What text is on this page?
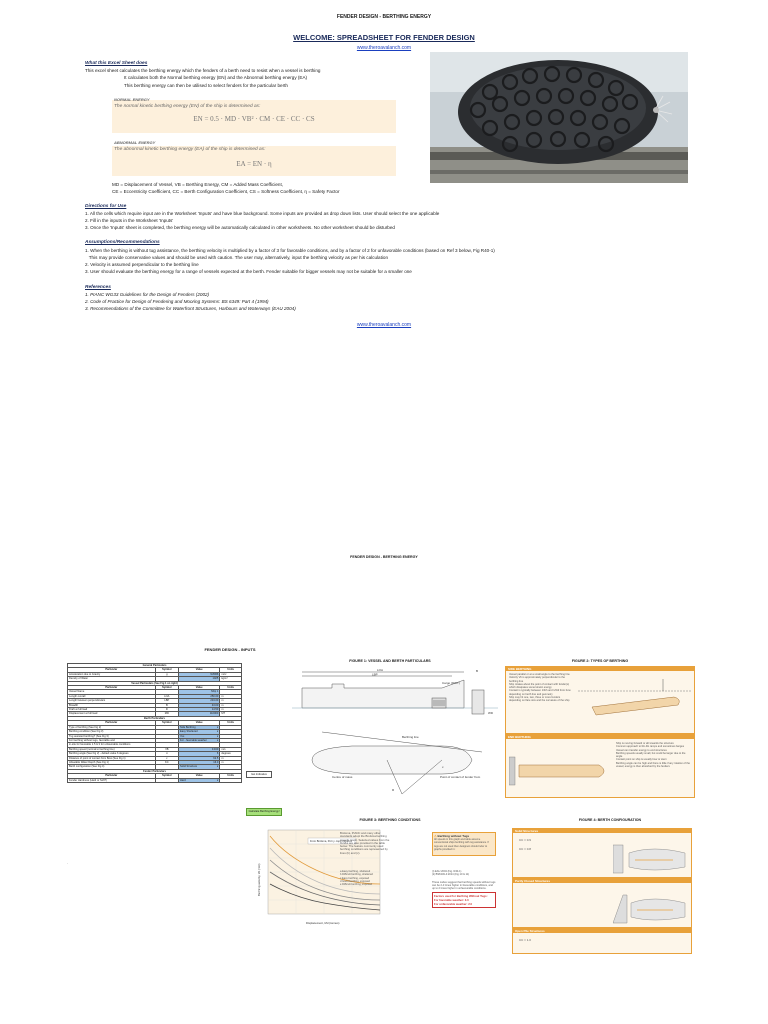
FENDER DESIGN - BERTHING ENERGY
WELCOME: SPREADSHEET FOR FENDER DESIGN
www.theroavalanch.com
What this Excel Sheet does
This excel sheet calculates the berthing energy which the fenders of a berth need to resist when a vessel is berthing
It calculates both the Normal berthing energy (EN) and the Abnormal berthing energy (EA)
This berthing energy can then be utilised to select fenders for the particular berth
NORMAL ENERGY
The normal kinetic berthing energy (EN) of the ship is determined as:
EN = 0.5 · MD · VB² · CM · CE · CC · CS
ABNORMAL ENERGY
The abnormal kinetic berthing energy (EA) of the ship is determined as:
EA = EN · η
MD = Displacement of Vessel, VB = Berthing Energy, CM = Added Mass Coefficient,
CE = Eccentricity Coefficient, CC = Berth Configuration Coefficient, CS = Softness Coefficient, η = Safety Factor
Directions for Use
1. All the cells which require input are in the Worksheet 'Inputs' and have blue background. Some inputs are provided as drop down lists. User should select the one applicable
2. Fill in the inputs in the Worksheet 'Inputs'
3. Once the 'Inputs' sheet is completed, the berthing energy will be automatically calculated in other worksheets. No other worksheet should be disturbed
Assumptions/Recommendations
1. When the berthing is without tug assistance, the berthing velocity is multiplied by a factor of 3 for favorable conditions, and by a factor of 2 for unfavorable conditions (based on Ref 3 below, Fig R40-1)
This may provide conservative values and should be used with caution. The user may, alternatively, input the berthing velocity as per his calculation
2. Velocity is assumed perpendicular to the berthing line
3. User should evaluate the berthing energy for a range of vessels expected at the berth. Fender suitable for bigger vessels may not be suitable for a smaller one
References
1. PIANC WG33 Guidelines for the Design of Fenders (2002)
2. Code of Practice for Design of Fendering and Mooring Systems: BS 6349: Part 4 (1994)
3. Recommendations of the Committee for Waterfront Structures, Harbours and Waterways (EAU 2004)
www.theroavalanch.com
FENDER DESIGN - BERTHING ENERGY
FENDER DESIGN - INPUTS
General Particulars			
Particular	Symbol	Value	Units
Acceleration due to Gravity	g	9.8066	m/s²
Density of Water		1025	kg/m³
Vessel Particulars (See Fig 1 on right)			
Particular	Symbol	Value	Units
Vessel Name		Ship 1	
Length overall	LOA	250.00	m
Length between perpendiculars	LBP	234.00	m
Breadth	B	43.00	m
Draft at full load	D	14.50	m
Displacement at full load	MD	110000	MT
Berth Particulars			
Particular	Symbol	Value	Units
Type of berthing (See Fig 2)		Side Berthing ▾	

Berthing condition (See Fig 3)		Easy Sheltered ▾	

Tug assisted berthing? (See Fig 3)		Yes ▾	

For berthing without tugs, favorable and		For - favorable weather ▾	

in-situ for favorable 1.5 & 3 for unfavorable conditions			
Berthing speed (normal to berthing line)	VB	0.160	m/s
Berthing angle (See Fig 2) - default value 6 degrees	α	6	degrees
Distance of point of contact from Bow (See Fig 1)	x	62.5	m
Allowable Water Depth (See Fig 1)	KC	16.0	m
Berth configuration (See Fig 4)		Solid Structure ▾	

Fender Particulars			
Particular	Symbol	Value	Units
Fender Hardness (Hard or Soft?)		Hard ▾	

Get Indicative
Calculate Berthing Energy!
.
FIGURE 1: VESSEL AND BERTH PARTICULARS
LOA
LBP
Cargo (DWT)
WD
B
Point of contact of fender from
Centre of mass
Berthing line
R
x
FIGURE 2: TYPES OF BERTHING
SIDE BERTHING
Vessel parallel or at a small angle to the berthing line
Velocity Vb is approximately perpendicular to the berthing line
Ship rotates about the point of contact with fender(s) which dissipates some kinetic energy
Contact is typically between 1/4th and 1/3rd from bow depending on berth line and geometry
Ship may hit one, two, three or more fenders depending on flare size and the curvature of the ship
END BERTHING
Ship is moving forward or aft towards the structure
Common approach to Ro-Ro ramps and sometimes barges
Vessel can transfer energy to end structures
Berthing speeds usually small, but could be larger due to the angle
Contact point on ship is usually bow or stern
Berthing angle can be high and there is little if any rotation of the vessel; energy is then absorbed by the fenders
FIGURE 3: BERTHING CONDITIONS
From Brolsma, Port y. copy, Figure 1
Berthing velocity, Vb (m/s)
Displacement, Md (tonnes)
Brolsma, PIANC and many other standards adopt the Brolsma berthing speeds graph. Selected values from the curves are also provided in the table below. The feature commonly used berthing conditions are represented by lines (b) and (c).
a Easy berthing, sheltered
b Difficult berthing, sheltered
c Easy berthing, exposed
d Good berthing, exposed
e Difficult berthing, exposed
⚠ Berthing without Tugs
All speeds in this graph and table assume conventional ships berthing with tug assistance. If tugs are not used then designers should refer to graphs provided in:
(i) EAU 2004 (Fig. R40-1)
(ii) BS6349-4:2014 (Fig 10 & 11)
These codes suggest that berthing speeds without tugs can be 2-3 times higher in favourable conditions, and up to 2 times higher in unfavourable conditions.
Factors used for Berthing Without Tugs:
For favorable weather: 3.0
For unfavorable weather: 2.0
FIGURE 4: BERTH CONFIGURATION
Solid Structures
CC = 0.9
CC = 0.8
Partly Closed Structures
Open Pile Structures
CC = 1.0
